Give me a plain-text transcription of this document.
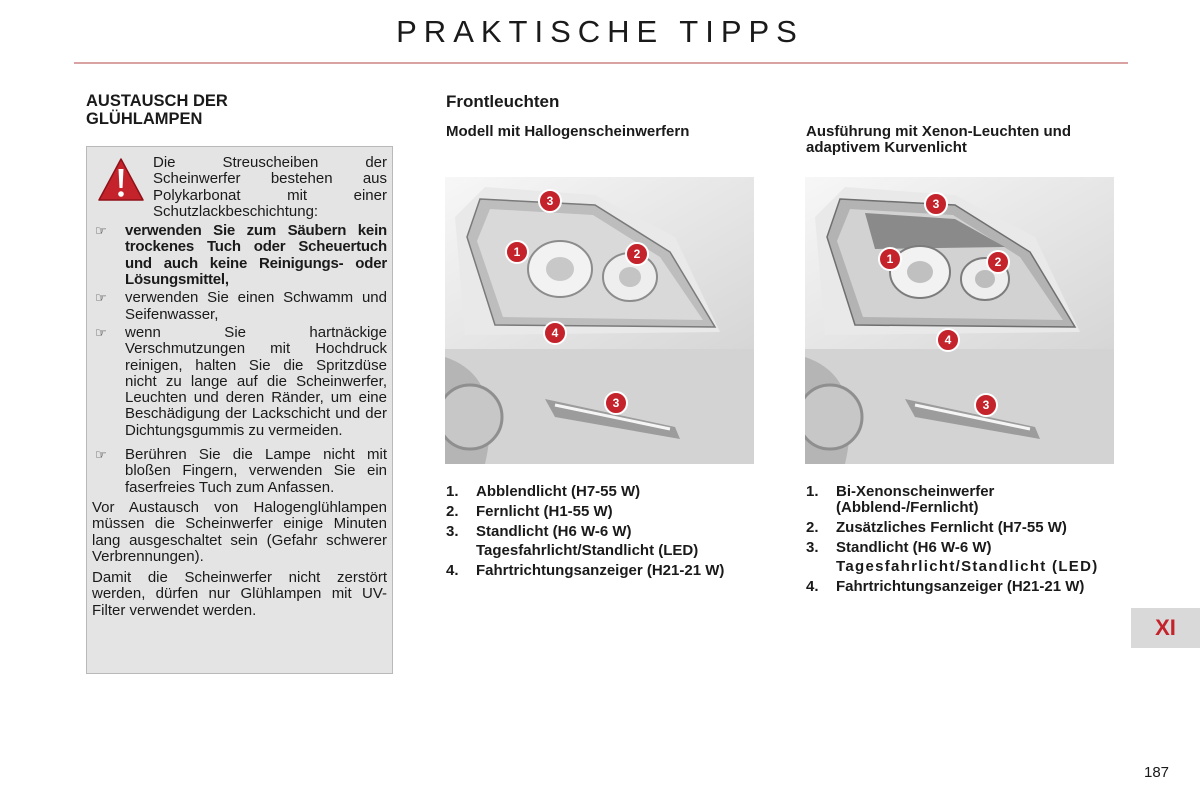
PRAKTISCHE TIPPS
AUSTAUSCH DER GLÜHLAMPEN
Die Streuscheiben der Scheinwerfer bestehen aus Polykarbonat mit einer Schutzlackbeschichtung:
☞	verwenden Sie zum Säubern kein trockenes Tuch oder Scheuertuch und auch keine Reinigungs- oder Lösungsmittel,
☞	verwenden Sie einen Schwamm und Seifenwasser,
☞	wenn Sie hartnäckige Verschmutzungen mit Hochdruck reinigen, halten Sie die Spritzdüse nicht zu lange auf die Scheinwerfer, Leuchten und deren Ränder, um eine Beschädigung der Lackschicht und der Dichtungsgummis zu vermeiden.
☞	Berühren Sie die Lampe nicht mit bloßen Fingern, verwenden Sie ein faserfreies Tuch zum Anfassen.
Vor Austausch von Halogenglühlampen müssen die Scheinwerfer einige Minuten lang ausgeschaltet sein (Gefahr schwerer Verbrennungen).
Damit die Scheinwerfer nicht zerstört werden, dürfen nur Glühlampen mit UV-Filter verwendet werden.
Frontleuchten
Modell mit Hallogenscheinwerfern	Ausführung mit Xenon-Leuchten und adaptivem Kurvenlicht
3
1	2
4
3
3
1	2
4
3
1.	Abblendlicht (H7-55 W)
2.	Fernlicht (H1-55 W)
3.	Standlicht (H6 W-6 W)
Tagesfahrlicht/Standlicht (LED)
4.	Fahrtrichtungsanzeiger (H21-21 W)
1.	Bi-Xenonscheinwerfer (Abblend-/Fernlicht)
2.	Zusätzliches Fernlicht (H7-55 W)
3.	Standlicht (H6 W-6 W)
Tagesfahrlicht/Standlicht (LED)
4.	Fahrtrichtungsanzeiger (H21-21 W)
XI
187
